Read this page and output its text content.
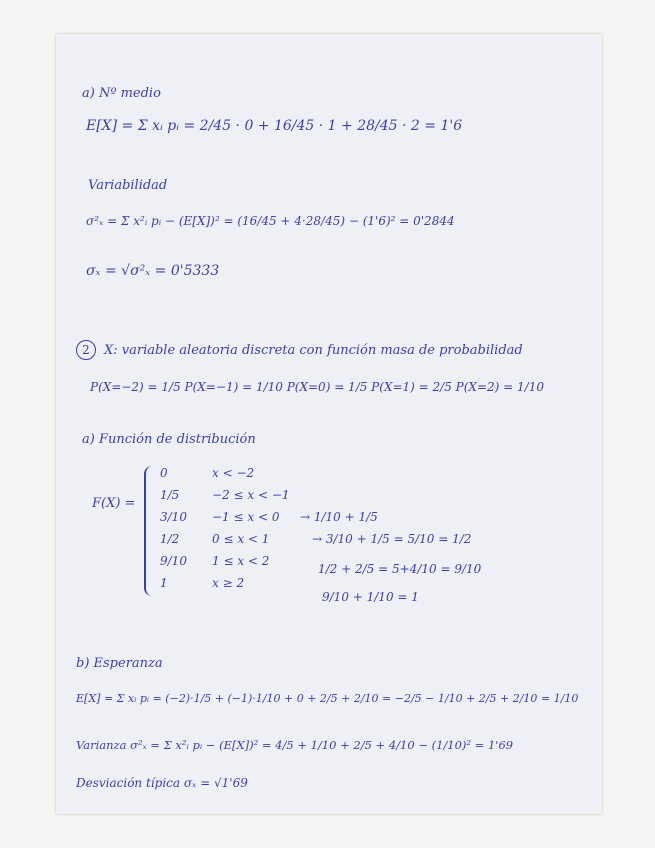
a) Nº medio
E[X] = Σ xᵢ pᵢ = 2/45 · 0 + 16/45 · 1 + 28/45 · 2 = 1'6
Variabilidad
σ²ₓ = Σ x²ᵢ pᵢ − (E[X])² = (16/45 + 4·28/45) − (1'6)² = 0'2844
σₓ = √σ²ₓ = 0'5333
2 X: variable aleatoria discreta con función masa de probabilidad
P(X=−2) = 1/5 P(X=−1) = 1/10 P(X=0) = 1/5 P(X=1) = 2/5 P(X=2) = 1/10
a) Función de distribución
F(X) =
0	x < −2
1/5	−2 ≤ x < −1
3/10	−1 ≤ x < 0
1/2	0 ≤ x < 1
9/10	1 ≤ x < 2
1	x ≥ 2
→ 1/10 + 1/5
→ 3/10 + 1/5 = 5/10 = 1/2
1/2 + 2/5 = 5+4/10 = 9/10
9/10 + 1/10 = 1
b) Esperanza
E[X] = Σ xᵢ pᵢ = (−2)·1/5 + (−1)·1/10 + 0 + 2/5 + 2/10 = −2/5 − 1/10 + 2/5 + 2/10 = 1/10
Varianza σ²ₓ = Σ x²ᵢ pᵢ − (E[X])² = 4/5 + 1/10 + 2/5 + 4/10 − (1/10)² = 1'69
Desviación típica σₓ = √1'69
